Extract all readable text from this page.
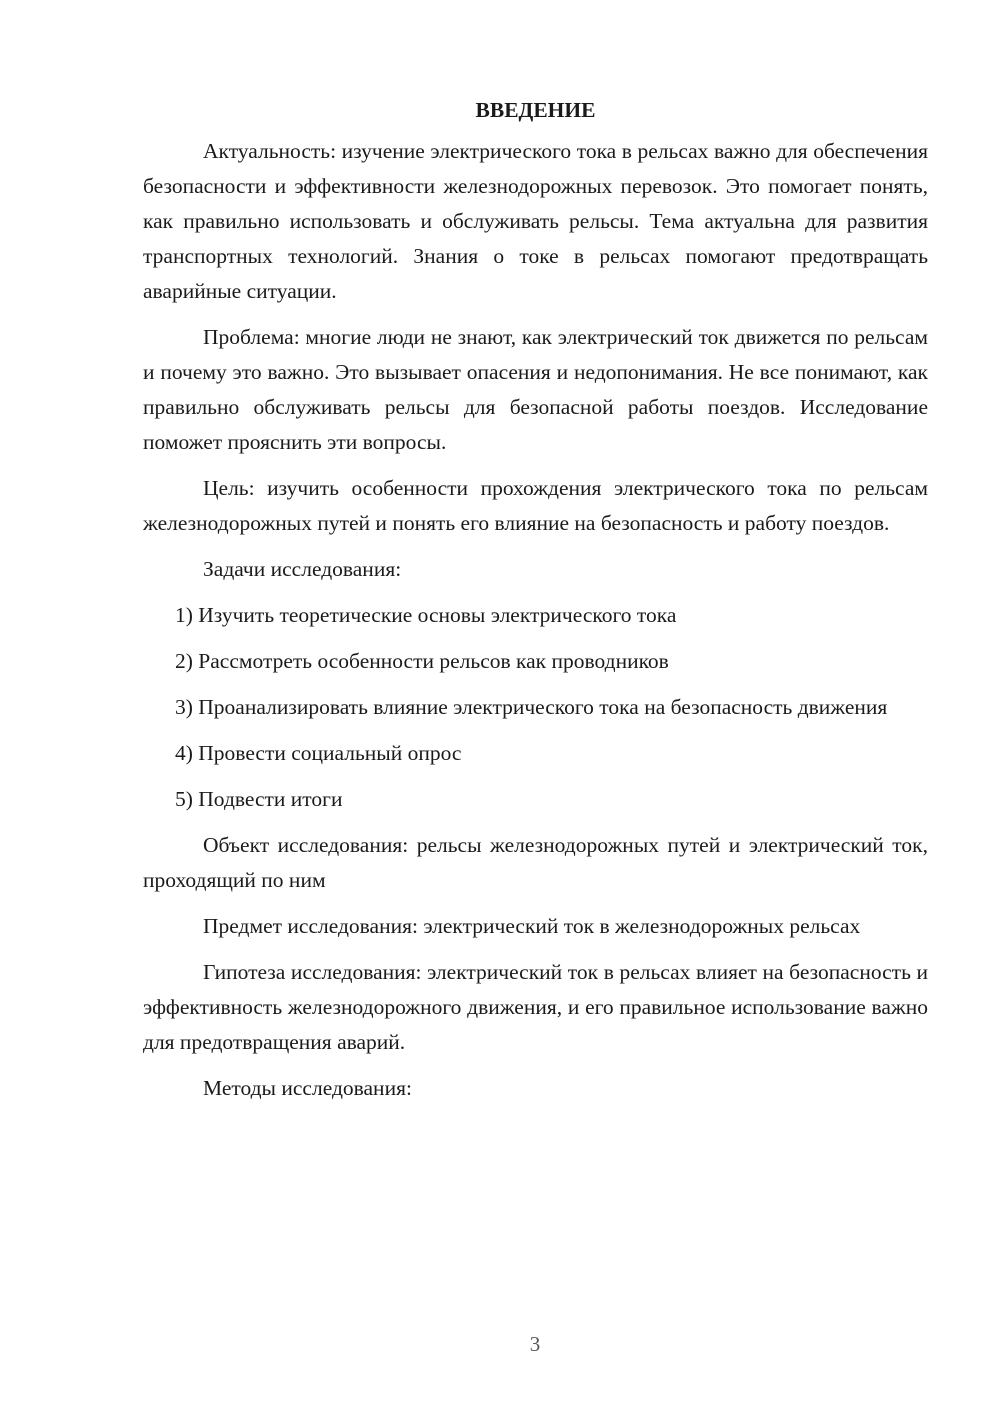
ВВЕДЕНИЕ

Актуальность: изучение электрического тока в рельсах важно для обеспечения безопасности и эффективности железнодорожных перевозок. Это помогает понять, как правильно использовать и обслуживать рельсы. Тема актуальна для развития транспортных технологий. Знания о токе в рельсах помогают предотвращать аварийные ситуации.

Проблема: многие люди не знают, как электрический ток движется по рельсам и почему это важно. Это вызывает опасения и недопонимания. Не все понимают, как правильно обслуживать рельсы для безопасной работы поездов. Исследование поможет прояснить эти вопросы.

Цель: изучить особенности прохождения электрического тока по рельсам железнодорожных путей и понять его влияние на безопасность и работу поездов.

Задачи исследования:

1) Изучить теоретические основы электрического тока

2) Рассмотреть особенности рельсов как проводников

3) Проанализировать влияние электрического тока на безопасность движения

4) Провести социальный опрос

5) Подвести итоги

Объект исследования: рельсы железнодорожных путей и электрический ток, проходящий по ним

Предмет исследования: электрический ток в железнодорожных рельсах

Гипотеза исследования: электрический ток в рельсах влияет на безопасность и эффективность железнодорожного движения, и его правильное использование важно для предотвращения аварий.

Методы исследования:

3
